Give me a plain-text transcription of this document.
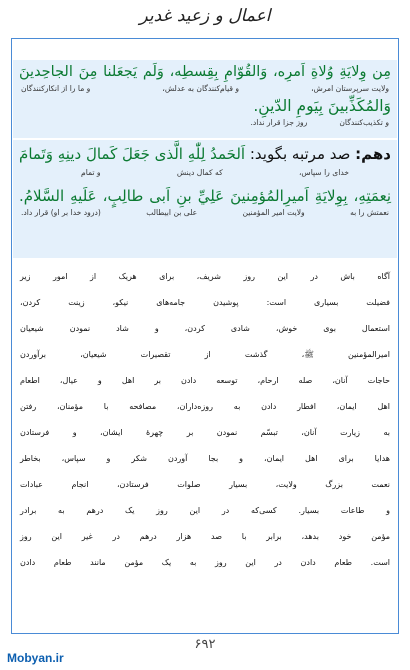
اعمال و زعید غدیر
مِن وِلايَةِ وُلاةِ اَمرِه، وَالقُوّامِ بِقِسطِه، وَلَم يَجعَلنا مِنَ الجاحِدينَ
ولایت سرپرستان امرش،
و قیام‌کنندگان به عدلش،
و ما را از انکارکنندگان
وَالمُكَذِّبينَ بِيَومِ الدّينِ.
و تکذیب‌کنندگان
روز جزا قرار نداد.
دهم: صد مرتبه بگوید: اَلحَمدُ لِلّٰهِ الَّذى جَعَلَ كَمالَ دينِهِ وَتَمامَ
خدای را سپاس،
که کمال دینش
و تمام
نِعمَتِهِ، بِوِلايَةِ اَميرِالمُؤمِنينَ عَلِيِّ بنِ اَبى طالِبٍ، عَلَيهِ السَّلامُ.
نعمتش را به
ولایت امیر المؤمنین
علی بن ابیطالب
(درود خدا بر او) قرار داد.
آگاه باش در این روز شریف، برای هریک از امور زیر
فضیلت بسیاری است: پوشیدن جامه‌های نیکو، زینت کردن،
استعمال بوی خوش، شادی کردن، و شاد نمودن شیعیان
امیرالمؤمنین ﷺ، گذشت از تقصیرات شیعیان، برآوردن
حاجات آنان، صله ارحام، توسعه دادن بر اهل و عیال، اطعام
اهل ایمان، افطار دادن به روزه‌داران، مصافحه با مؤمنان، رفتن
به زیارت آنان، تبسّم نمودن بر چهرهٔ ایشان، و فرستادن
هدایا برای اهل ایمان، و بجا آوردن شکر و سپاس، بخاطر
نعمت بزرگ ولایت، بسیار صلوات فرستادن، انجام عبادات
و طاعات بسیار. کسی‌که در این روز یک درهم به برادر
مؤمن خود بدهد، برابر با صد هزار درهم در غیر این روز
است. طعام دادن در این روز به یک مؤمن مانند طعام دادن
۶۹۲
Mobyan.ir
